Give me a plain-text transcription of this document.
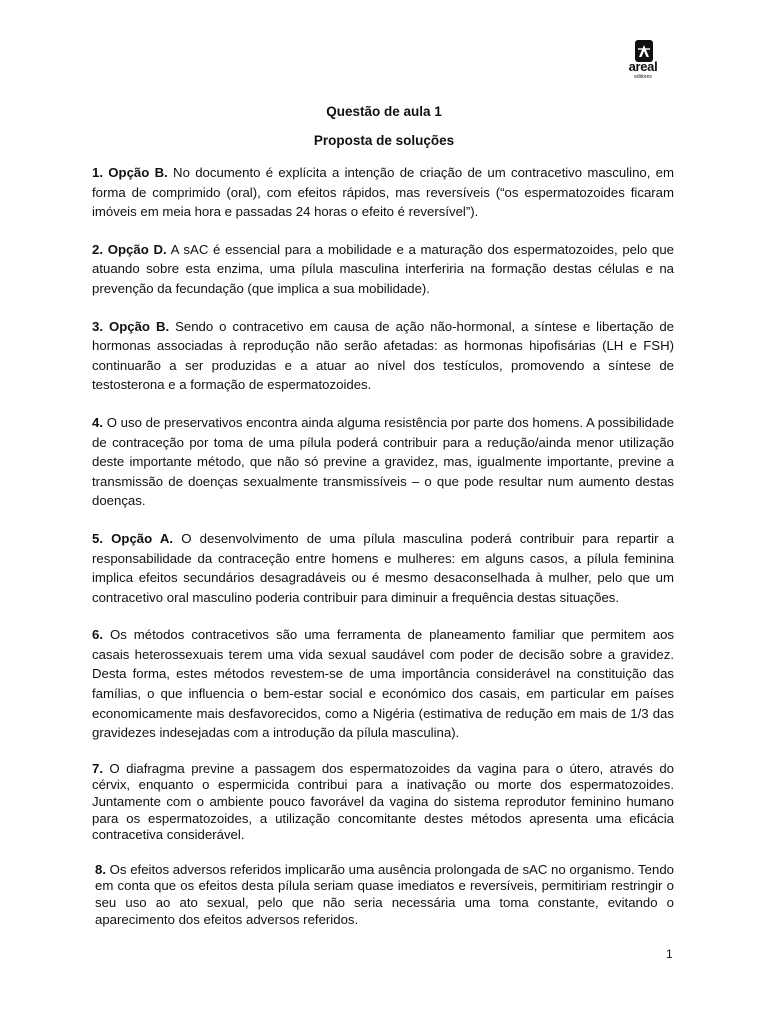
areal
editores
Questão de aula 1
Proposta de soluções

1. Opção B. No documento é explícita a intenção de criação de um contracetivo masculino, em forma de comprimido (oral), com efeitos rápidos, mas reversíveis (“os espermatozoides ficaram imóveis em meia hora e passadas 24 horas o efeito é reversível”).

2. Opção D. A sAC é essencial para a mobilidade e a maturação dos espermatozoides, pelo que atuando sobre esta enzima, uma pílula masculina interferiria na formação destas células e na prevenção da fecundação (que implica a sua mobilidade).

3. Opção B. Sendo o contracetivo em causa de ação não-hormonal, a síntese e libertação de hormonas associadas à reprodução não serão afetadas: as hormonas hipofisárias (LH e FSH) continuarão a ser produzidas e a atuar ao nível dos testículos, promovendo a síntese de testosterona e a formação de espermatozoides.

4. O uso de preservativos encontra ainda alguma resistência por parte dos homens. A possibilidade de contraceção por toma de uma pílula poderá contribuir para a redução/ainda menor utilização deste importante método, que não só previne a gravidez, mas, igualmente importante, previne a transmissão de doenças sexualmente transmissíveis – o que pode resultar num aumento destas doenças.

5. Opção A. O desenvolvimento de uma pílula masculina poderá contribuir para repartir a responsabilidade da contraceção entre homens e mulheres: em alguns casos, a pílula feminina implica efeitos secundários desagradáveis ou é mesmo desaconselhada à mulher, pelo que um contracetivo oral masculino poderia contribuir para diminuir a frequência destas situações.

6. Os métodos contracetivos são uma ferramenta de planeamento familiar que permitem aos casais heterossexuais terem uma vida sexual saudável com poder de decisão sobre a gravidez. Desta forma, estes métodos revestem-se de uma importância considerável na constituição das famílias, o que influencia o bem-estar social e económico dos casais, em particular em países economicamente mais desfavorecidos, como a Nigéria (estimativa de redução em mais de 1/3 das gravidezes indesejadas com a introdução da pílula masculina).

7. O diafragma previne a passagem dos espermatozoides da vagina para o útero, através do cérvix, enquanto o espermicida contribui para a inativação ou morte dos espermatozoides. Juntamente com o ambiente pouco favorável da vagina do sistema reprodutor feminino humano para os espermatozoides, a utilização concomitante destes métodos apresenta uma eficácia contracetiva considerável.

8. Os efeitos adversos referidos implicarão uma ausência prolongada de sAC no organismo. Tendo em conta que os efeitos desta pílula seriam quase imediatos e reversíveis, permitiriam restringir o seu uso ao ato sexual, pelo que não seria necessária uma toma constante, evitando o aparecimento dos efeitos adversos referidos.

1
